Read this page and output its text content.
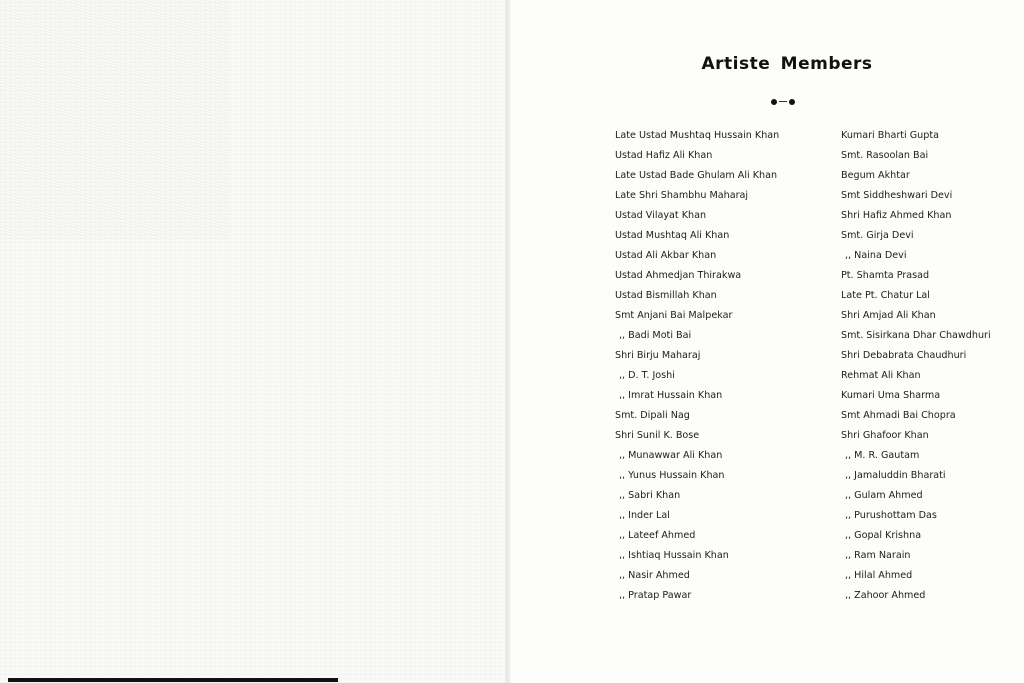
Artiste Members
Late Ustad Mushtaq Hussain Khan
Ustad Hafiz Ali Khan
Late Ustad Bade Ghulam Ali Khan
Late Shri Shambhu Maharaj
Ustad Vilayat Khan
Ustad Mushtaq Ali Khan
Ustad Ali Akbar Khan
Ustad Ahmedjan Thirakwa
Ustad Bismillah Khan
Smt Anjani Bai Malpekar
,, Badi Moti Bai
Shri Birju Maharaj
,, D. T. Joshi
,, Imrat Hussain Khan
Smt. Dipali Nag
Shri Sunil K. Bose
,, Munawwar Ali Khan
,, Yunus Hussain Khan
,, Sabri Khan
,, Inder Lal
,, Lateef Ahmed
,, Ishtiaq Hussain Khan
,, Nasir Ahmed
,, Pratap Pawar
Kumari Bharti Gupta
Smt. Rasoolan Bai
Begum Akhtar
Smt Siddheshwari Devi
Shri Hafiz Ahmed Khan
Smt. Girja Devi
,, Naina Devi
Pt. Shamta Prasad
Late Pt. Chatur Lal
Shri Amjad Ali Khan
Smt. Sisirkana Dhar Chawdhuri
Shri Debabrata Chaudhuri
Rehmat Ali Khan
Kumari Uma Sharma
Smt Ahmadi Bai Chopra
Shri Ghafoor Khan
,, M. R. Gautam
,, Jamaluddin Bharati
,, Gulam Ahmed
,, Purushottam Das
,, Gopal Krishna
,, Ram Narain
,, Hilal Ahmed
,, Zahoor Ahmed
